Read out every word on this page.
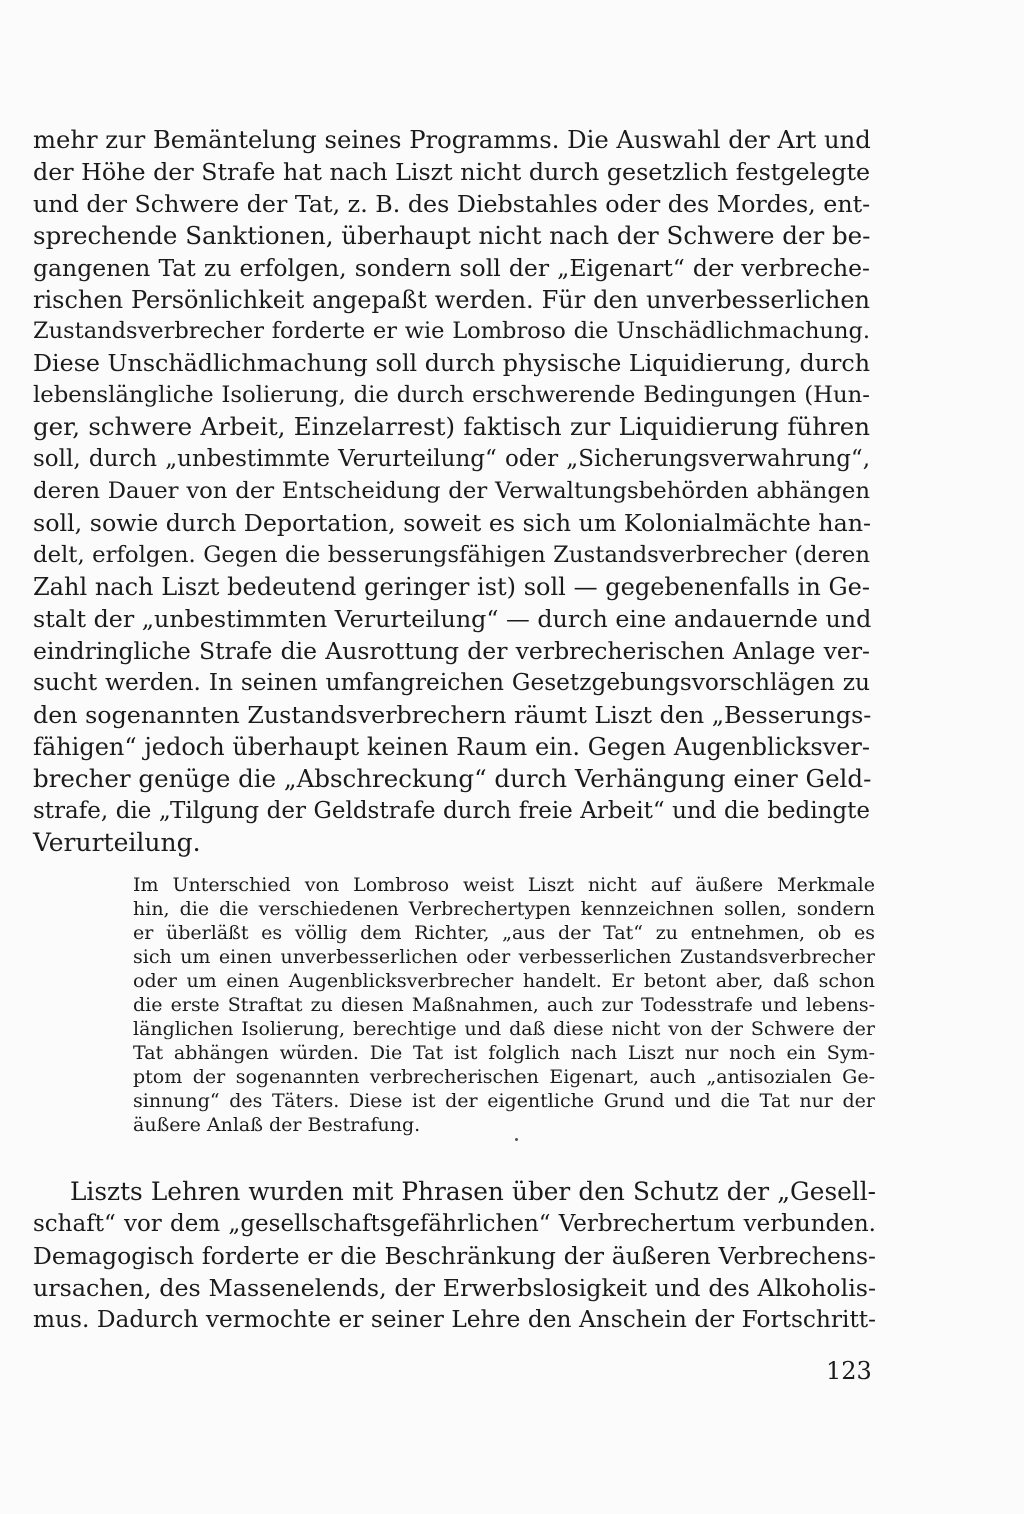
mehr zur Bemäntelung seines Programms. Die Auswahl der Art und
der Höhe der Strafe hat nach Liszt nicht durch gesetzlich festgelegte
und der Schwere der Tat, z. B. des Diebstahles oder des Mordes, ent-
sprechende Sanktionen, überhaupt nicht nach der Schwere der be-
gangenen Tat zu erfolgen, sondern soll der „Eigenart“ der verbreche-
rischen Persönlichkeit angepaßt werden. Für den unverbesserlichen
Zustandsverbrecher forderte er wie Lombroso die Unschädlichmachung.
Diese Unschädlichmachung soll durch physische Liquidierung, durch
lebenslängliche Isolierung, die durch erschwerende Bedingungen (Hun-
ger, schwere Arbeit, Einzelarrest) faktisch zur Liquidierung führen
soll, durch „unbestimmte Verurteilung“ oder „Sicherungsverwahrung“,
deren Dauer von der Entscheidung der Verwaltungsbehörden abhängen
soll, sowie durch Deportation, soweit es sich um Kolonialmächte han-
delt, erfolgen. Gegen die besserungsfähigen Zustandsverbrecher (deren
Zahl nach Liszt bedeutend geringer ist) soll — gegebenenfalls in Ge-
stalt der „unbestimmten Verurteilung“ — durch eine andauernde und
eindringliche Strafe die Ausrottung der verbrecherischen Anlage ver-
sucht werden. In seinen umfangreichen Gesetzgebungsvorschlägen zu
den sogenannten Zustandsverbrechern räumt Liszt den „Besserungs-
fähigen“ jedoch überhaupt keinen Raum ein. Gegen Augenblicksver-
brecher genüge die „Abschreckung“ durch Verhängung einer Geld-
strafe, die „Tilgung der Geldstrafe durch freie Arbeit“ und die bedingte
Verurteilung.
Im Unterschied von Lombroso weist Liszt nicht auf äußere Merkmale
hin, die die verschiedenen Verbrechertypen kennzeichnen sollen, sondern
er überläßt es völlig dem Richter, „aus der Tat“ zu entnehmen, ob es
sich um einen unverbesserlichen oder verbesserlichen Zustandsverbrecher
oder um einen Augenblicksverbrecher handelt. Er betont aber, daß schon
die erste Straftat zu diesen Maßnahmen, auch zur Todesstrafe und lebens-
länglichen Isolierung, berechtige und daß diese nicht von der Schwere der
Tat abhängen würden. Die Tat ist folglich nach Liszt nur noch ein Sym-
ptom der sogenannten verbrecherischen Eigenart, auch „antisozialen Ge-
sinnung“ des Täters. Diese ist der eigentliche Grund und die Tat nur der
äußere Anlaß der Bestrafung.
Liszts Lehren wurden mit Phrasen über den Schutz der „Gesell-
schaft“ vor dem „gesellschaftsgefährlichen“ Verbrechertum verbunden.
Demagogisch forderte er die Beschränkung der äußeren Verbrechens-
ursachen, des Massenelends, der Erwerbslosigkeit und des Alkoholis-
mus. Dadurch vermochte er seiner Lehre den Anschein der Fortschritt-
123
